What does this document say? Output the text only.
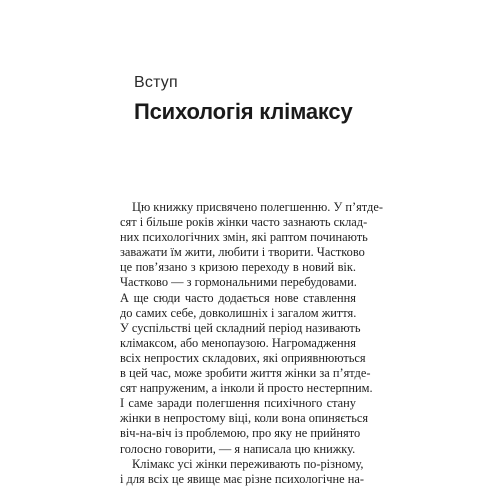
Вступ
Психологія клімаксу
Цю книжку присвячено полегшенню. У п’ятде-
сят і більше років жінки часто зазнають склад-
них психологічних змін, які раптом починають
заважати їм жити, любити і творити. Частково
це пов’язано з кризою переходу в новий вік.
Частково — з гормональними перебудовами.
А ще сюди часто додається нове ставлення
до самих себе, довколишніх і загалом життя.
У суспільстві цей складний період називають
клімаксом, або менопаузою. Нагромадження
всіх непростих складових, які оприявнюються
в цей час, може зробити життя жінки за п’ятде-
сят напруженим, а інколи й просто нестерпним.
І саме заради полегшення психічного стану
жінки в непростому віці, коли вона опиняється
віч-на-віч із проблемою, про яку не прийнято
голосно говорити, — я написала цю книжку.
Клімакс усі жінки переживають по-різному,
і для всіх це явище має різне психологічне на-
